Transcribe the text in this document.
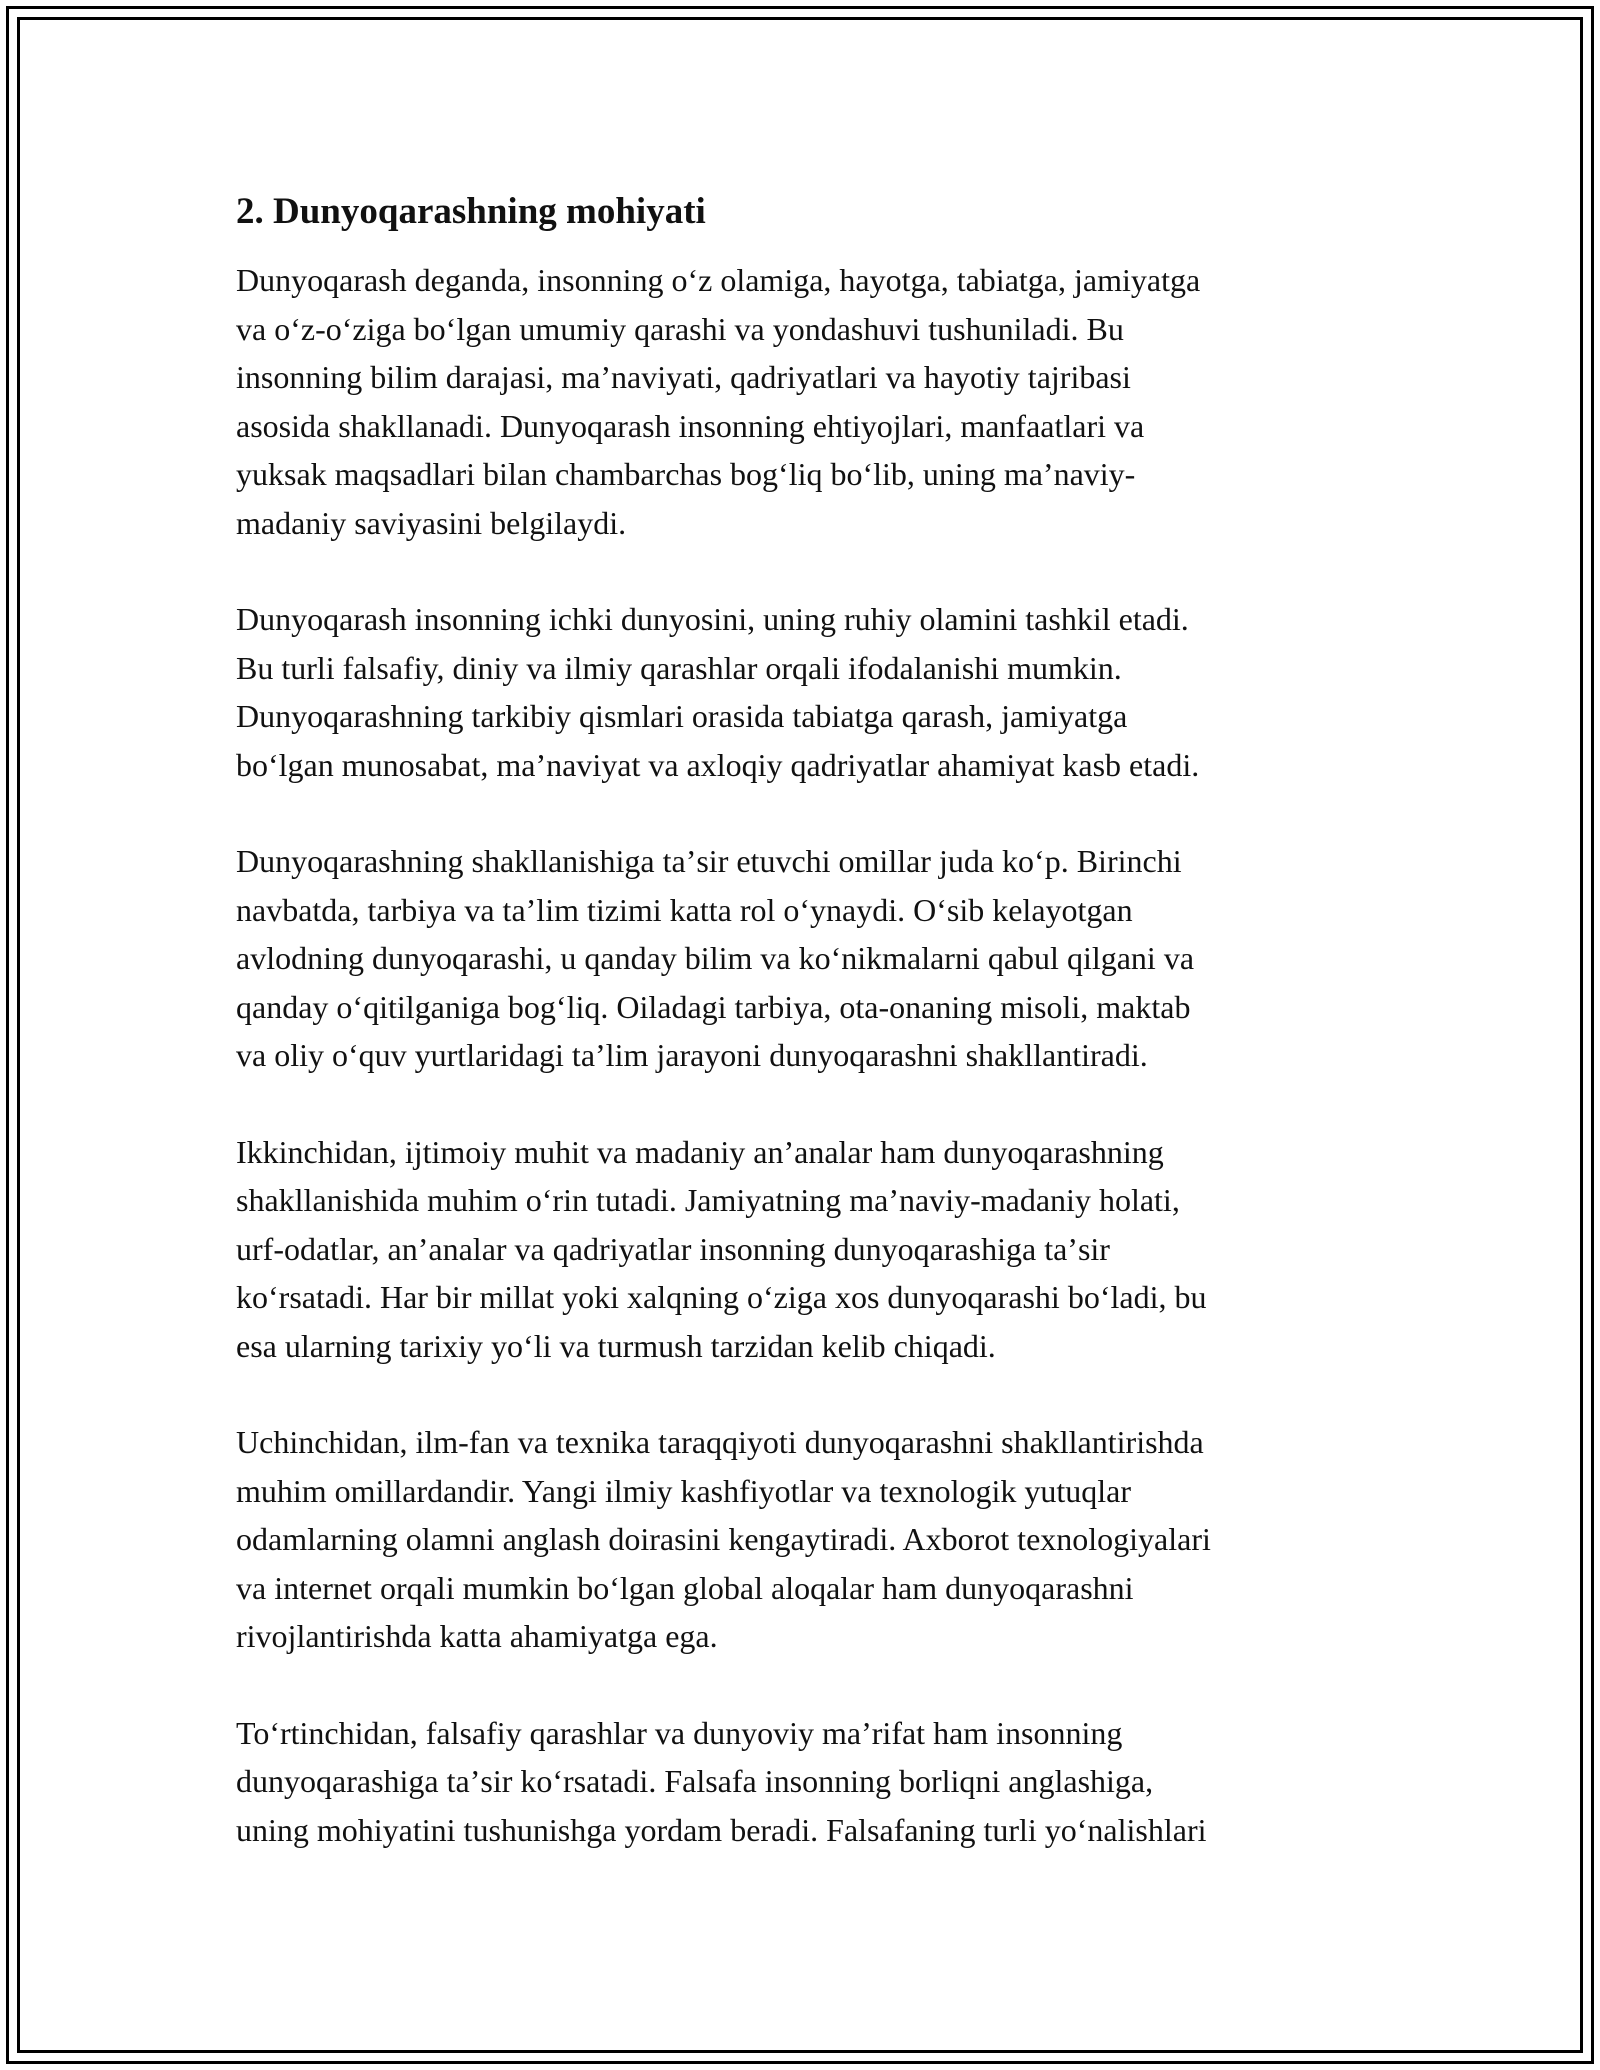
2. Dunyoqarashning mohiyati

Dunyoqarash deganda, insonning oʻz olamiga, hayotga, tabiatga, jamiyatga
va oʻz-oʻziga boʻlgan umumiy qarashi va yondashuvi tushuniladi. Bu
insonning bilim darajasi, maʼnaviyati, qadriyatlari va hayotiy tajribasi
asosida shakllanadi. Dunyoqarash insonning ehtiyojlari, manfaatlari va
yuksak maqsadlari bilan chambarchas bogʻliq boʻlib, uning maʼnaviy-
madaniy saviyasini belgilaydi.

Dunyoqarash insonning ichki dunyosini, uning ruhiy olamini tashkil etadi.
Bu turli falsafiy, diniy va ilmiy qarashlar orqali ifodalanishi mumkin.
Dunyoqarashning tarkibiy qismlari orasida tabiatga qarash, jamiyatga
boʻlgan munosabat, maʼnaviyat va axloqiy qadriyatlar ahamiyat kasb etadi.

Dunyoqarashning shakllanishiga taʼsir etuvchi omillar juda koʻp. Birinchi
navbatda, tarbiya va taʼlim tizimi katta rol oʻynaydi. Oʻsib kelayotgan
avlodning dunyoqarashi, u qanday bilim va koʻnikmalarni qabul qilgani va
qanday oʻqitilganiga bogʻliq. Oiladagi tarbiya, ota-onaning misoli, maktab
va oliy oʻquv yurtlaridagi taʼlim jarayoni dunyoqarashni shakllantiradi.

Ikkinchidan, ijtimoiy muhit va madaniy anʼanalar ham dunyoqarashning
shakllanishida muhim oʻrin tutadi. Jamiyatning maʼnaviy-madaniy holati,
urf-odatlar, anʼanalar va qadriyatlar insonning dunyoqarashiga taʼsir
koʻrsatadi. Har bir millat yoki xalqning oʻziga xos dunyoqarashi boʻladi, bu
esa ularning tarixiy yoʻli va turmush tarzidan kelib chiqadi.

Uchinchidan, ilm-fan va texnika taraqqiyoti dunyoqarashni shakllantirishda
muhim omillardandir. Yangi ilmiy kashfiyotlar va texnologik yutuqlar
odamlarning olamni anglash doirasini kengaytiradi. Axborot texnologiyalari
va internet orqali mumkin boʻlgan global aloqalar ham dunyoqarashni
rivojlantirishda katta ahamiyatga ega.

Toʻrtinchidan, falsafiy qarashlar va dunyoviy maʼrifat ham insonning
dunyoqarashiga taʼsir koʻrsatadi. Falsafa insonning borliqni anglashiga,
uning mohiyatini tushunishga yordam beradi. Falsafaning turli yoʻnalishlari
